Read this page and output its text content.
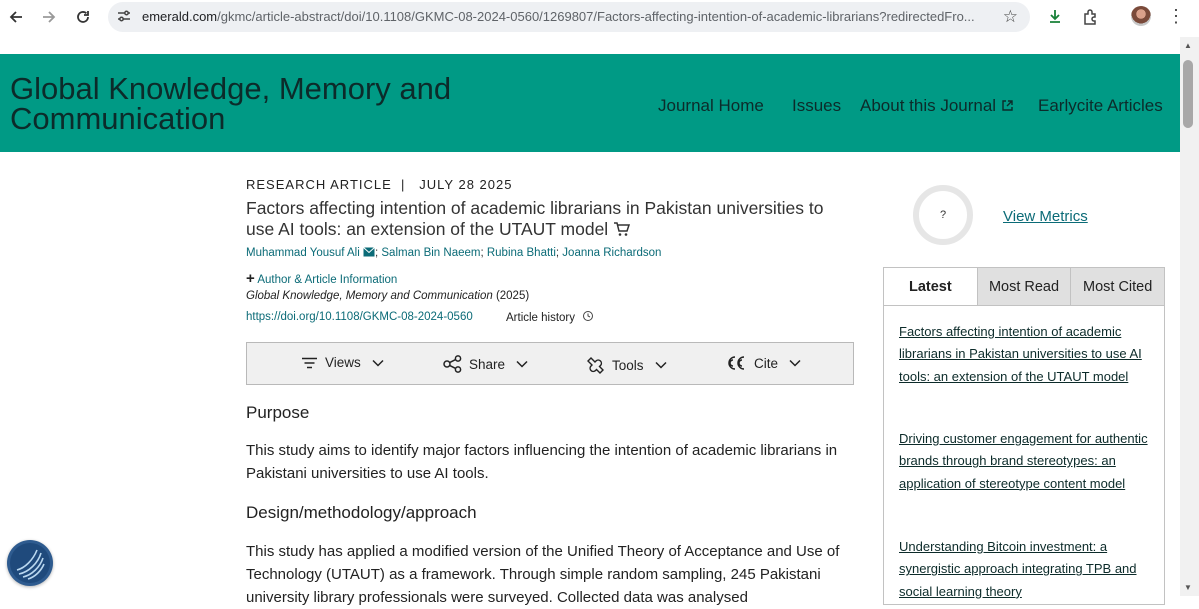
emerald.com/gkmc/article-abstract/doi/10.1108/GKMC-08-2024-0560/1269807/Factors-affecting-intention-of-academic-librarians?redirectedFro...	☆	⋮
Global Knowledge, Memory and Communication	Journal Home Issues About this Journal	Earlycite Articles
▲
▼
RESEARCH ARTICLE  |   JULY 28 2025
Factors affecting intention of academic librarians in Pakistan universities to use AI tools: an extension of the UTAUT model
Muhammad Yousuf Ali ; Salman Bin Naeem; Rubina Bhatti; Joanna Richardson
+ Author & Article Information
Global Knowledge, Memory and Communication (2025)
https://doi.org/10.1108/GKMC-08-2024-0560	Article history
Views	Share	Tools	Cite
Purpose
This study aims to identify major factors influencing the intention of academic librarians in Pakistani universities to use AI tools.
Design/methodology/approach
This study has applied a modified version of the Unified Theory of Acceptance and Use of Technology (UTAUT) as a framework. Through simple random sampling, 245 Pakistani university library professionals were surveyed. Collected data was analysed
?	View Metrics
Latest	Most Read	Most Cited
Factors affecting intention of academic librarians in Pakistan universities to use AI tools: an extension of the UTAUT model
Driving customer engagement for authentic brands through brand stereotypes: an application of stereotype content model
Understanding Bitcoin investment: a synergistic approach integrating TPB and social learning theory
